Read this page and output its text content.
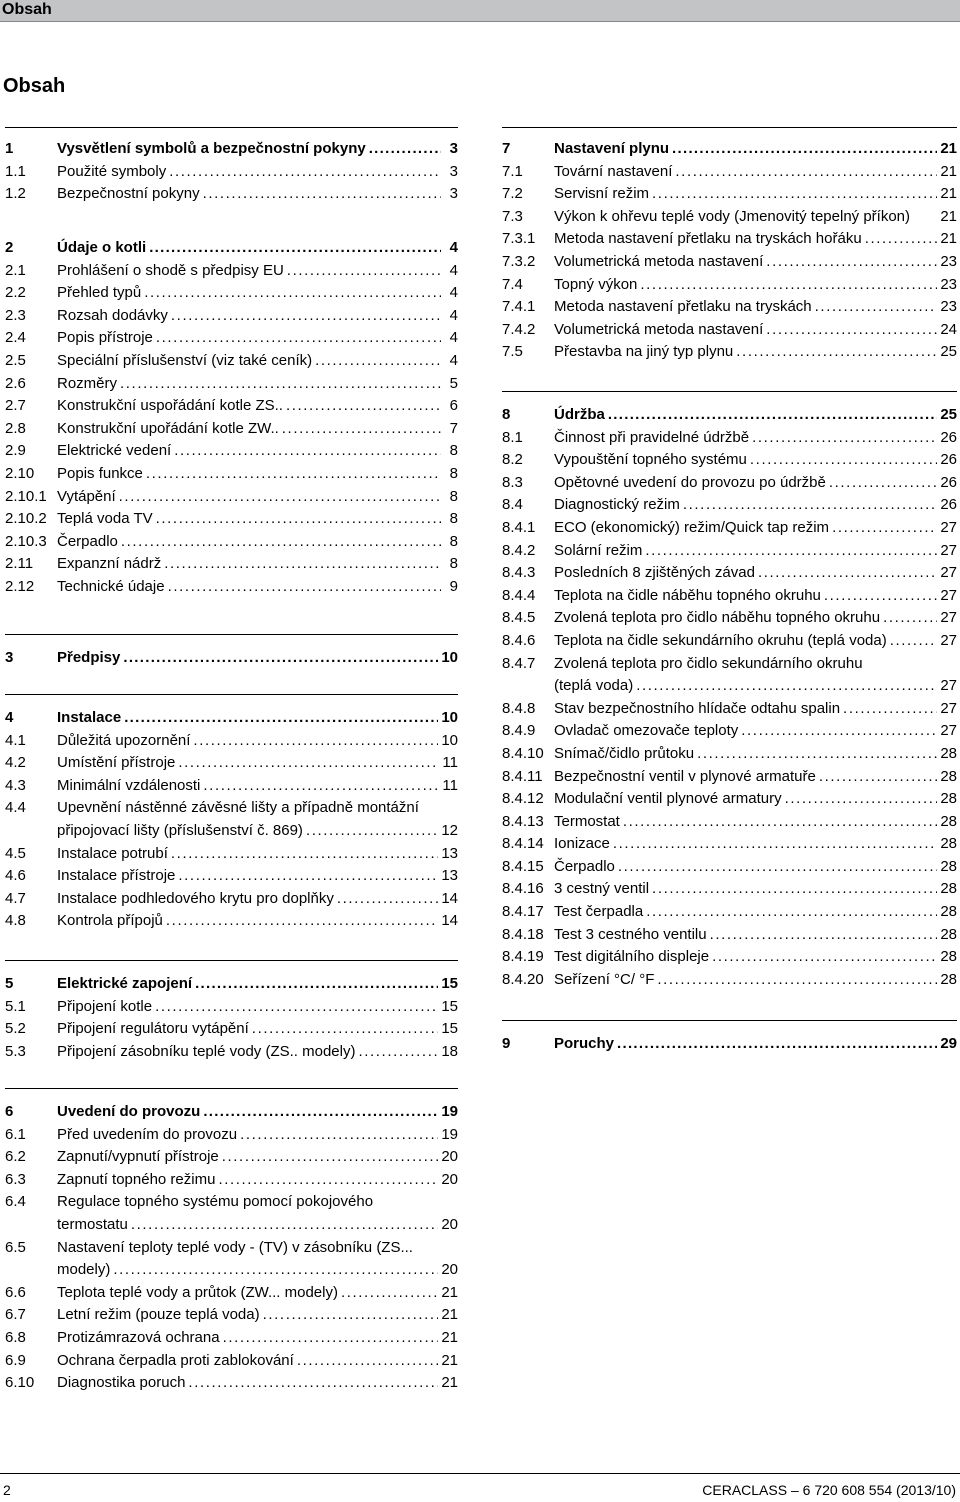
Obsah
Obsah
1	Vysvětlení symbolů a bezpečnostní pokyny .....	3
1.1	Použité symboly .....	3
1.2	Bezpečnostní pokyny .....	3
2	Údaje o kotli .....	4
2.1	Prohlášení o shodě s předpisy EU .....	4
2.2	Přehled typů .....	4
2.3	Rozsah dodávky .....	4
2.4	Popis přístroje .....	4
2.5	Speciální příslušenství (viz také ceník) .....	4
2.6	Rozměry .....	5
2.7	Konstrukční uspořádání kotle ZS.. .....	6
2.8	Konstrukční upořádání kotle ZW.. .....	7
2.9	Elektrické vedení .....	8
2.10	Popis funkce .....	8
2.10.1 Vytápění .....	8
2.10.2 Teplá voda TV .....	8
2.10.3 Čerpadlo .....	8
2.11	Expanzní nádrž .....	8
2.12	Technické údaje .....	9
3	Předpisy .....	10
4	Instalace .....	10
4.1	Důležitá upozornění .....	10
4.2	Umístění přístroje .....	11
4.3	Minimální vzdálenosti .....	11
4.4	Upevnění nástěnné závěsné lišty a případně montážní
připojovací lišty (příslušenství č. 869) .....	12
4.5	Instalace potrubí .....	13
4.6	Instalace přístroje .....	13
4.7	Instalace podhledového krytu pro doplňky .....	14
4.8	Kontrola přípojů .....	14
5	Elektrické zapojení .....	15
5.1	Připojení kotle .....	15
5.2	Připojení regulátoru vytápění .....	15
5.3	Připojení zásobníku teplé vody (ZS.. modely) .....	18
6	Uvedení do provozu .....	19
6.1	Před uvedením do provozu .....	19
6.2	Zapnutí/vypnutí přístroje .....	20
6.3	Zapnutí topného režimu .....	20
6.4	Regulace topného systému pomocí pokojového
termostatu .....	20
6.5	Nastavení teploty teplé vody - (TV) v zásobníku (ZS...
modely) .....	20
6.6	Teplota teplé vody a průtok (ZW... modely) .....	21
6.7	Letní režim (pouze teplá voda) .....	21
6.8	Protizámrazová ochrana .....	21
6.9	Ochrana čerpadla proti zablokování .....	21
6.10	Diagnostika poruch .....	21
7	Nastavení plynu .....	21
7.1	Tovární nastavení .....	21
7.2	Servisní režim .....	21
7.3	Výkon k ohřevu teplé vody (Jmenovitý tepelný příkon) 21
7.3.1	Metoda nastavení přetlaku na tryskách hořáku .....	21
7.3.2	Volumetrická metoda nastavení .....	23
7.4	Topný výkon .....	23
7.4.1	Metoda nastavení přetlaku na tryskách .....	23
7.4.2	Volumetrická metoda nastavení .....	24
7.5	Přestavba na jiný typ plynu .....	25
8	Údržba .....	25
8.1	Činnost při pravidelné údržbě .....	26
8.2	Vypouštění topného systému .....	26
8.3	Opětovné uvedení do provozu po údržbě .....	26
8.4	Diagnostický režim .....	26
8.4.1	ECO (ekonomický) režim/Quick tap režim .....	27
8.4.2	Solární režim .....	27
8.4.3	Posledních 8 zjištěných závad .....	27
8.4.4	Teplota na čidle náběhu topného okruhu .....	27
8.4.5	Zvolená teplota pro čidlo náběhu topného okruhu .....	27
8.4.6	Teplota na čidle sekundárního okruhu (teplá voda) .....	27
8.4.7	Zvolená teplota pro čidlo sekundárního okruhu
(teplá voda) .....	27
8.4.8	Stav bezpečnostního hlídače odtahu spalin .....	27
8.4.9	Ovladač omezovače teploty .....	27
8.4.10 Snímač/čidlo průtoku .....	28
8.4.11 Bezpečnostní ventil v plynové armatuře .....	28
8.4.12 Modulační ventil plynové armatury .....	28
8.4.13 Termostat .....	28
8.4.14 Ionizace .....	28
8.4.15 Čerpadlo .....	28
8.4.16 3 cestný ventil .....	28
8.4.17 Test čerpadla .....	28
8.4.18 Test 3 cestného ventilu .....	28
8.4.19 Test digitálního displeje .....	28
8.4.20 Seřízení °C/ °F .....	28
9	Poruchy .....	29
2	CERACLASS – 6 720 608 554 (2013/10)
